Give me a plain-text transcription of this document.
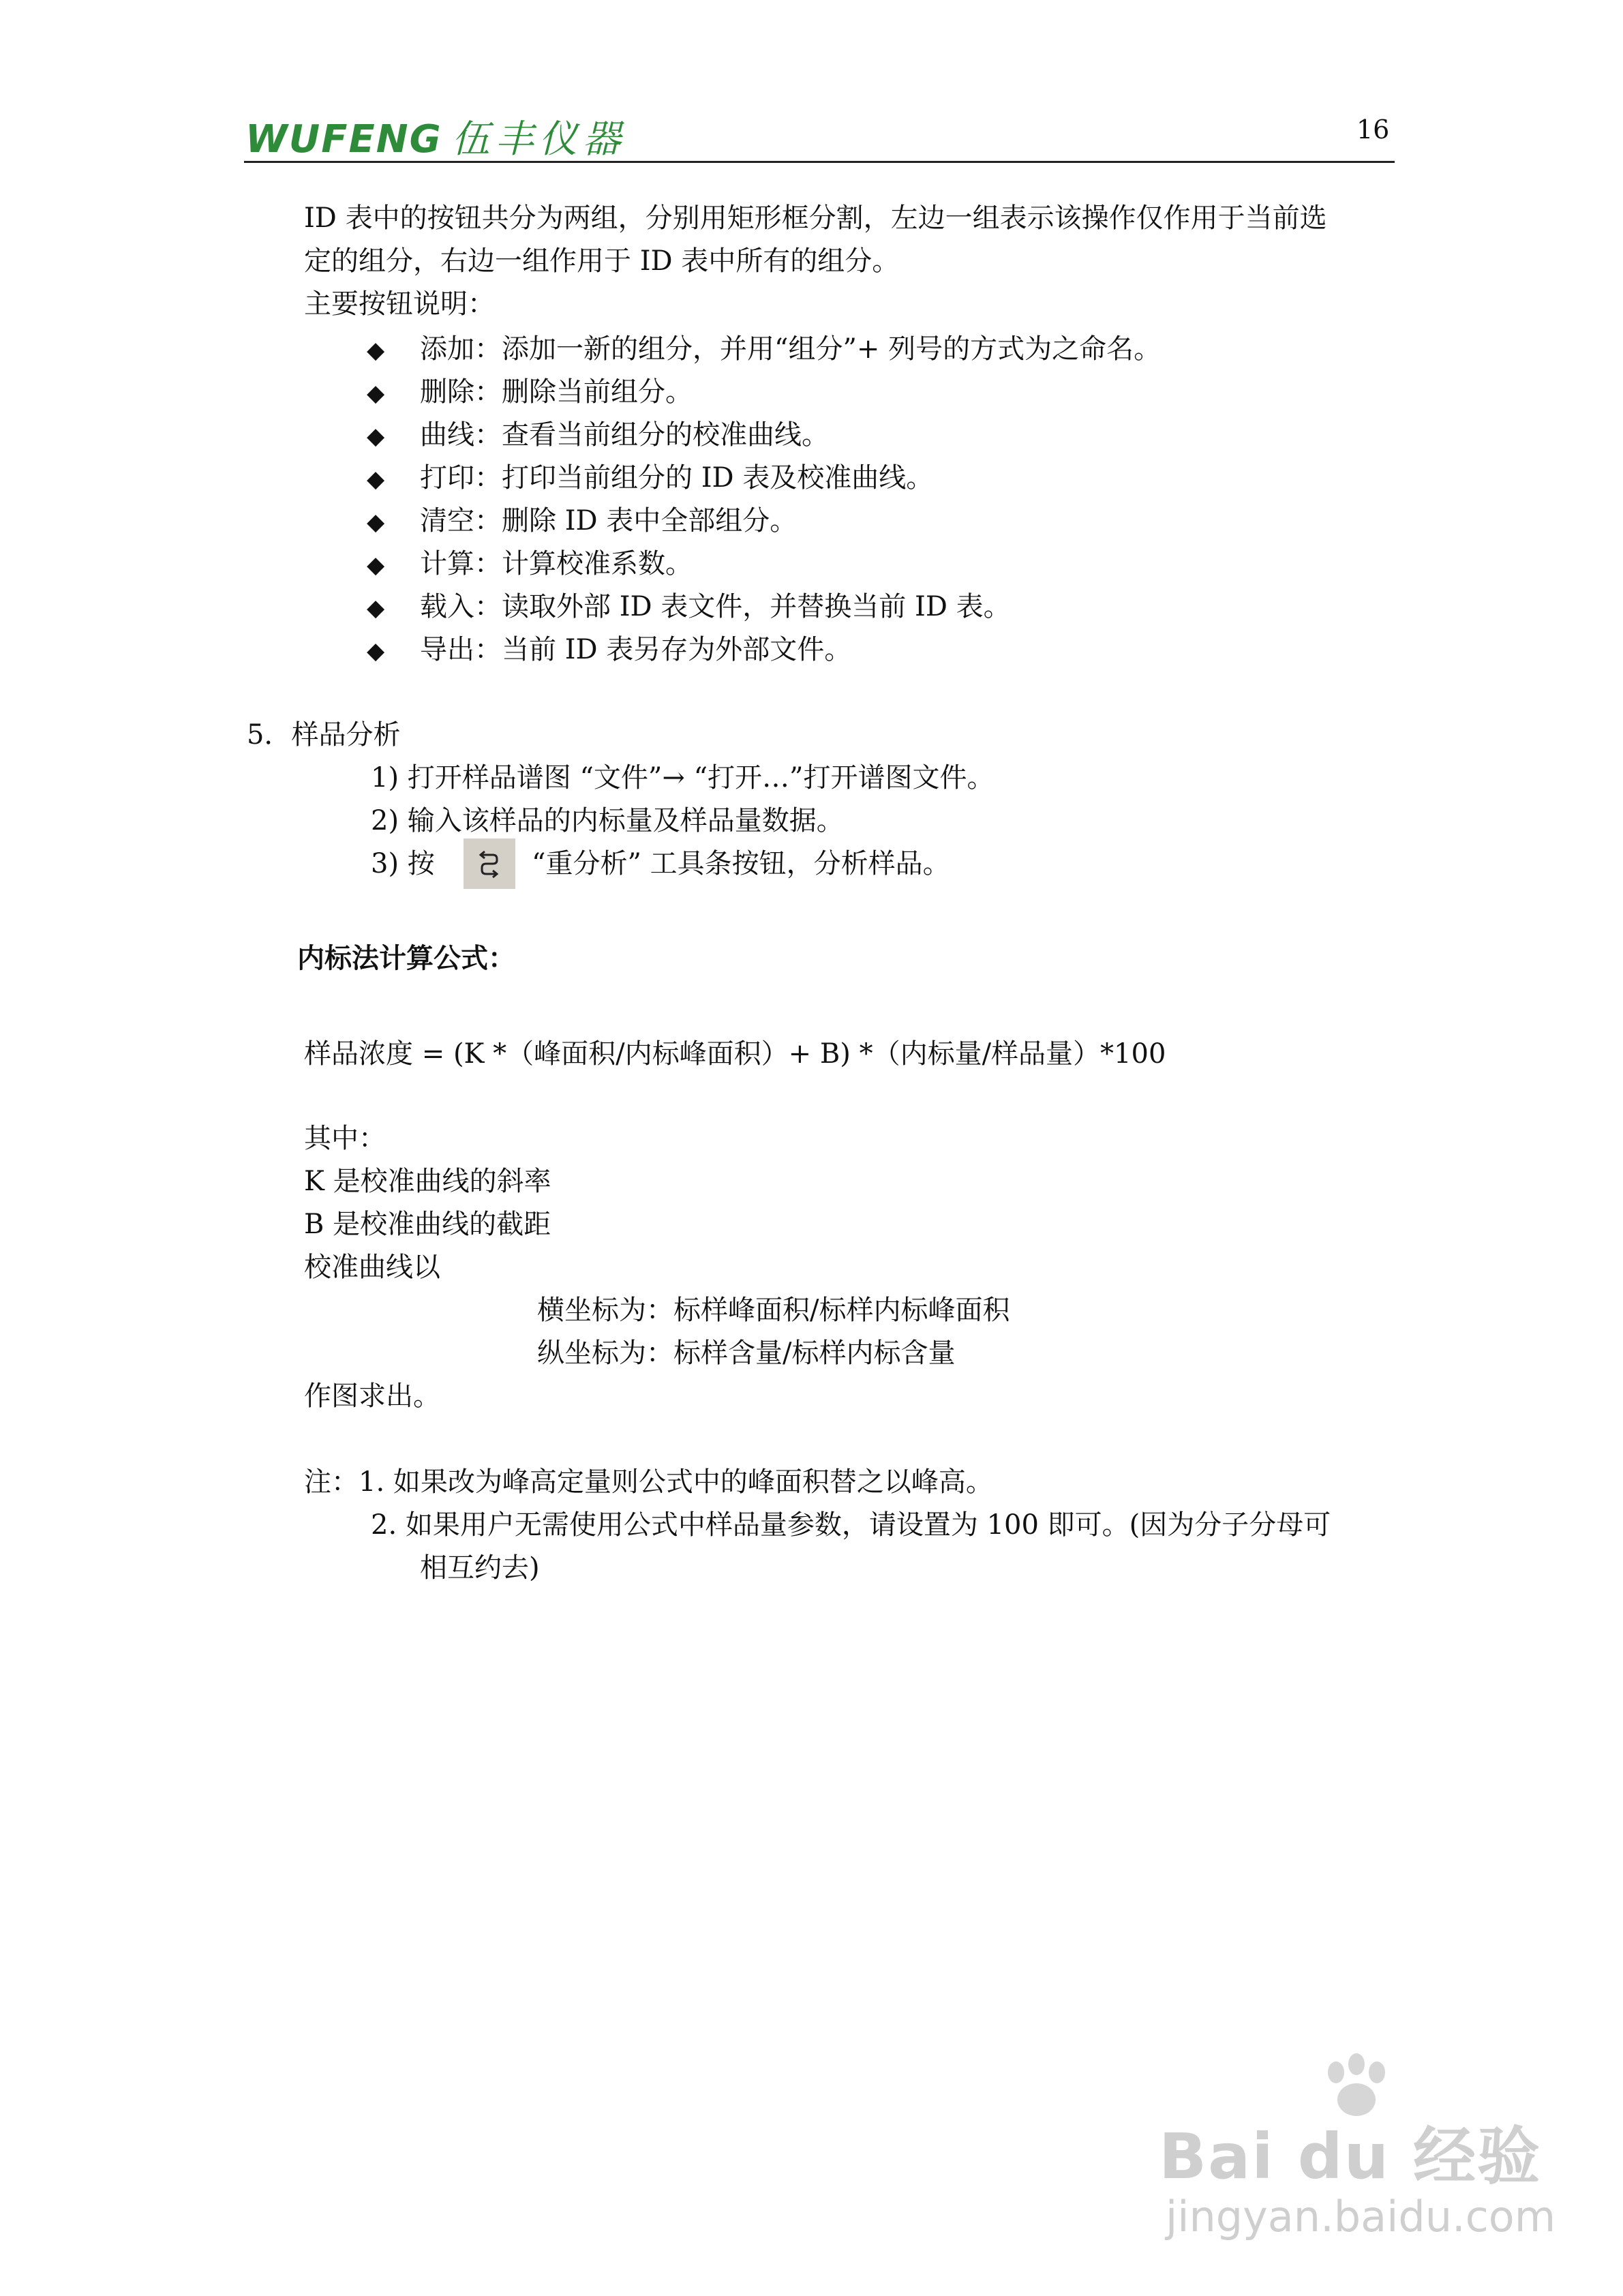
WUFENG 伍丰仪器	16
ID 表中的按钮共分为两组，分别用矩形框分割，左边一组表示该操作仅作用于当前选
定的组分，右边一组作用于 ID 表中所有的组分。
主要按钮说明：
◆ 添加：添加一新的组分，并用“组分”+ 列号的方式为之命名。
◆ 删除：删除当前组分。
◆ 曲线：查看当前组分的校准曲线。
◆ 打印：打印当前组分的 ID 表及校准曲线。
◆ 清空：删除 ID 表中全部组分。
◆ 计算：计算校准系数。
◆ 载入：读取外部 ID 表文件，并替换当前 ID 表。
◆ 导出：当前 ID 表另存为外部文件。
5．样品分析
1) 打开样品谱图 “文件”→ “打开…”打开谱图文件。
2) 输入该样品的内标量及样品量数据。
3) 按	“重分析” 工具条按钮，分析样品。
内标法计算公式：
样品浓度 = (K *（峰面积/内标峰面积）+ B) *（内标量/样品量）*100
其中：
K 是校准曲线的斜率
B 是校准曲线的截距
校准曲线以
横坐标为：标样峰面积/标样内标峰面积
纵坐标为：标样含量/标样内标含量
作图求出。
注：1. 如果改为峰高定量则公式中的峰面积替之以峰高。
2. 如果用户无需使用公式中样品量参数，请设置为 100 即可。(因为分子分母可
相互约去)
Bai du 经验
jingyan.baidu.com
